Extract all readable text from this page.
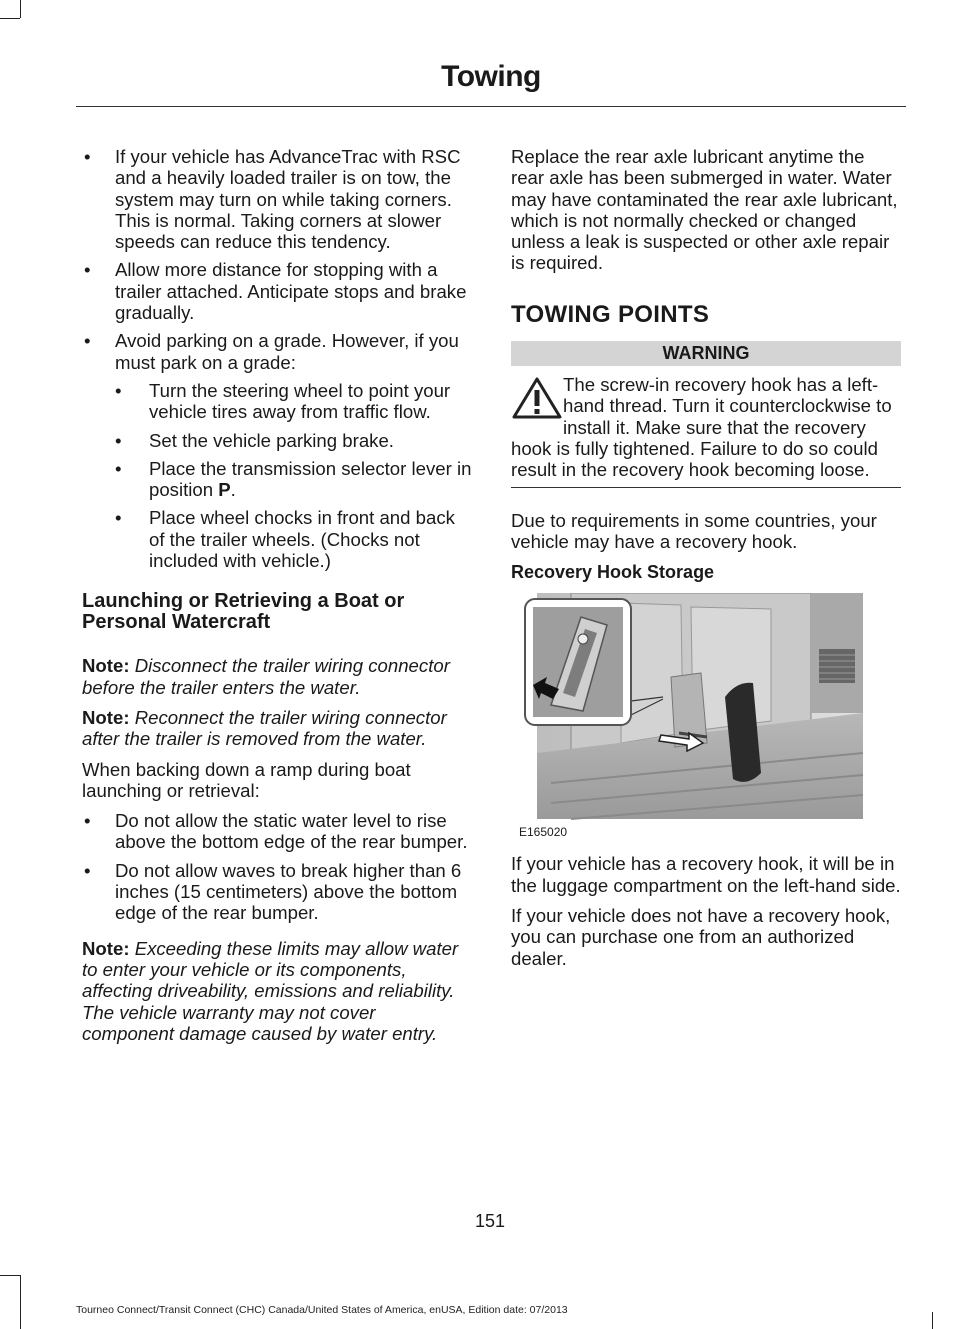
Towing
• If your vehicle has AdvanceTrac with RSC and a heavily loaded trailer is on tow, the system may turn on while taking corners. This is normal. Taking corners at slower speeds can reduce this tendency.
• Allow more distance for stopping with a trailer attached. Anticipate stops and brake gradually.
• Avoid parking on a grade. However, if you must park on a grade:
• Turn the steering wheel to point your vehicle tires away from traffic flow.
• Set the vehicle parking brake.
• Place the transmission selector lever in position P.
• Place wheel chocks in front and back of the trailer wheels. (Chocks not included with vehicle.)
Launching or Retrieving a Boat or Personal Watercraft

Note: Disconnect the trailer wiring connector before the trailer enters the water.

Note: Reconnect the trailer wiring connector after the trailer is removed from the water.

When backing down a ramp during boat launching or retrieval:

• Do not allow the static water level to rise above the bottom edge of the rear bumper.
• Do not allow waves to break higher than 6 inches (15 centimeters) above the bottom edge of the rear bumper.

Note: Exceeding these limits may allow water to enter your vehicle or its components, affecting driveability, emissions and reliability. The vehicle warranty may not cover component damage caused by water entry.

Replace the rear axle lubricant anytime the rear axle has been submerged in water. Water may have contaminated the rear axle lubricant, which is not normally checked or changed unless a leak is suspected or other axle repair is required.

TOWING POINTS
WARNING
The screw-in recovery hook has a left-hand thread. Turn it counterclockwise to install it. Make sure that the recovery hook is fully tightened. Failure to do so could result in the recovery hook becoming loose.

Due to requirements in some countries, your vehicle may have a recovery hook.

Recovery Hook Storage
E165020

If your vehicle has a recovery hook, it will be in the luggage compartment on the left-hand side.

If your vehicle does not have a recovery hook, you can purchase one from an authorized dealer.

151
Tourneo Connect/Transit Connect (CHC) Canada/United States of America, enUSA, Edition date: 07/2013
